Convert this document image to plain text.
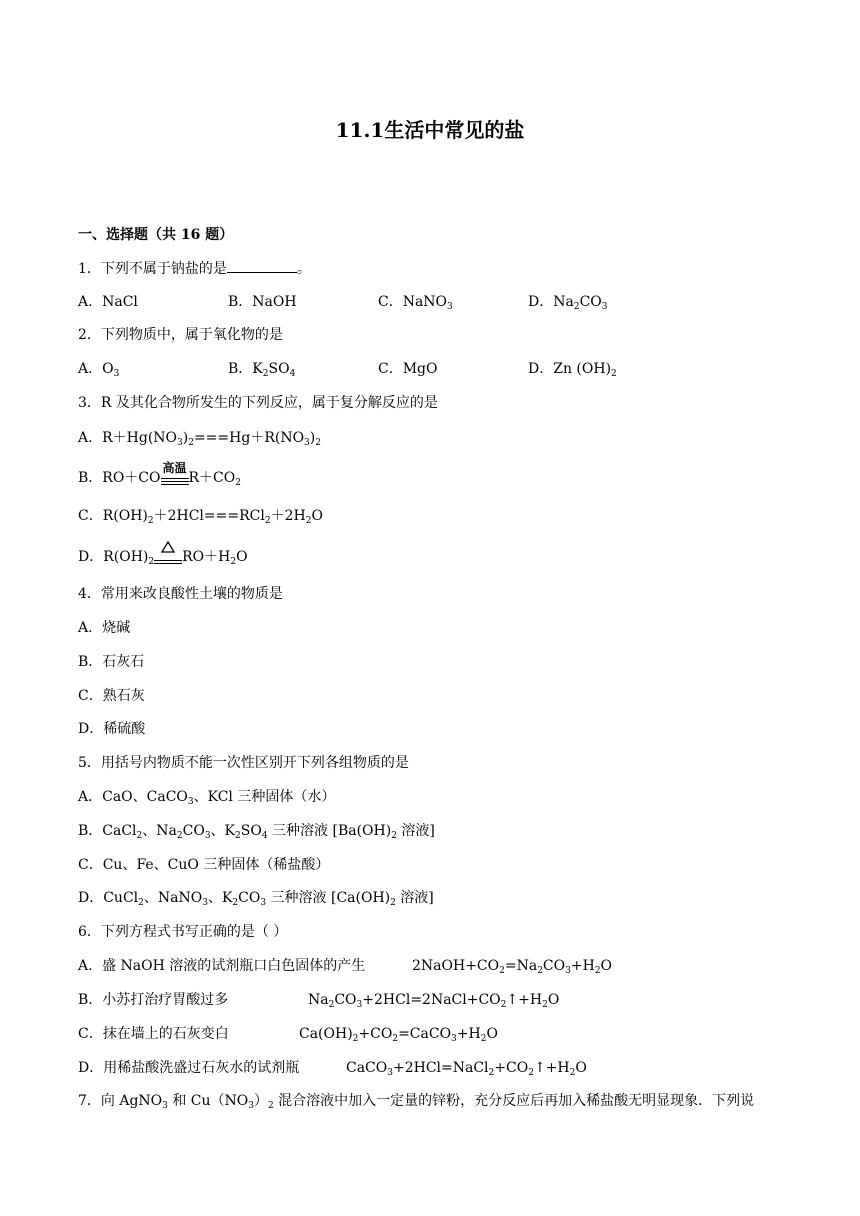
11.1生活中常见的盐
一、选择题（共 16 题）
1．下列不属于钠盐的是	。
A．NaCl	B．NaOH	C．NaNO$_3$	D．$Na_2CO_3$
2．下列物质中，属于氧化物的是
A．$O_3$	B．$K_2SO_4$	C．MgO	D．Zn $(OH)_2$
3．R 及其化合物所发生的下列反应，属于复分解反应的是
A．$R+Hg(NO_3)_2===Hg+R(NO_3)_2$
B．RO＋CO
高温
$R+CO_2$
C．$R(OH)_2+2HCl===RCl_2+2H_2O$
D．$R(OH)_2$ $RO+H_2O$
4．常用来改良酸性土壤的物质是
A．烧碱
B．石灰石
C．熟石灰
D．稀硫酸
5．用括号内物质不能一次性区别开下列各组物质的是
A．CaO、CaCO$_3$、KCl 三种固体（水）
B．CaCl$_2$、$Na_2CO_3$、$K_2SO_4$ 三种溶液 [$Ba(OH)_2$ 溶液]
C．Cu、Fe、CuO 三种固体（稀盐酸）
D．CuCl$_2$、NaNO$_3$、$K_2CO_3$ 三种溶液 [$Ca(OH)_2$ 溶液]
6．下列方程式书写正确的是（ ）
A．盛 NaOH 溶液的试剂瓶口白色固体的产生	$2NaOH+CO_2=Na_2CO_3+H_2O$
B．小苏打治疗胃酸过多	$Na_2CO_3+2HCl=2NaCl+CO_2↑+H_2O$
C．抹在墙上的石灰变白	$Ca(OH)_2+CO_2=CaCO_3+H_2O$
D．用稀盐酸洗盛过石灰水的试剂瓶	$CaCO_3+2HCl=NaCl_2+CO_2↑+H_2O$
7．向 AgNO$_3$ 和 $Cu(NO_3)_2$ 混合溶液中加入一定量的锌粉，充分反应后再加入稀盐酸无明显现象．下列说
